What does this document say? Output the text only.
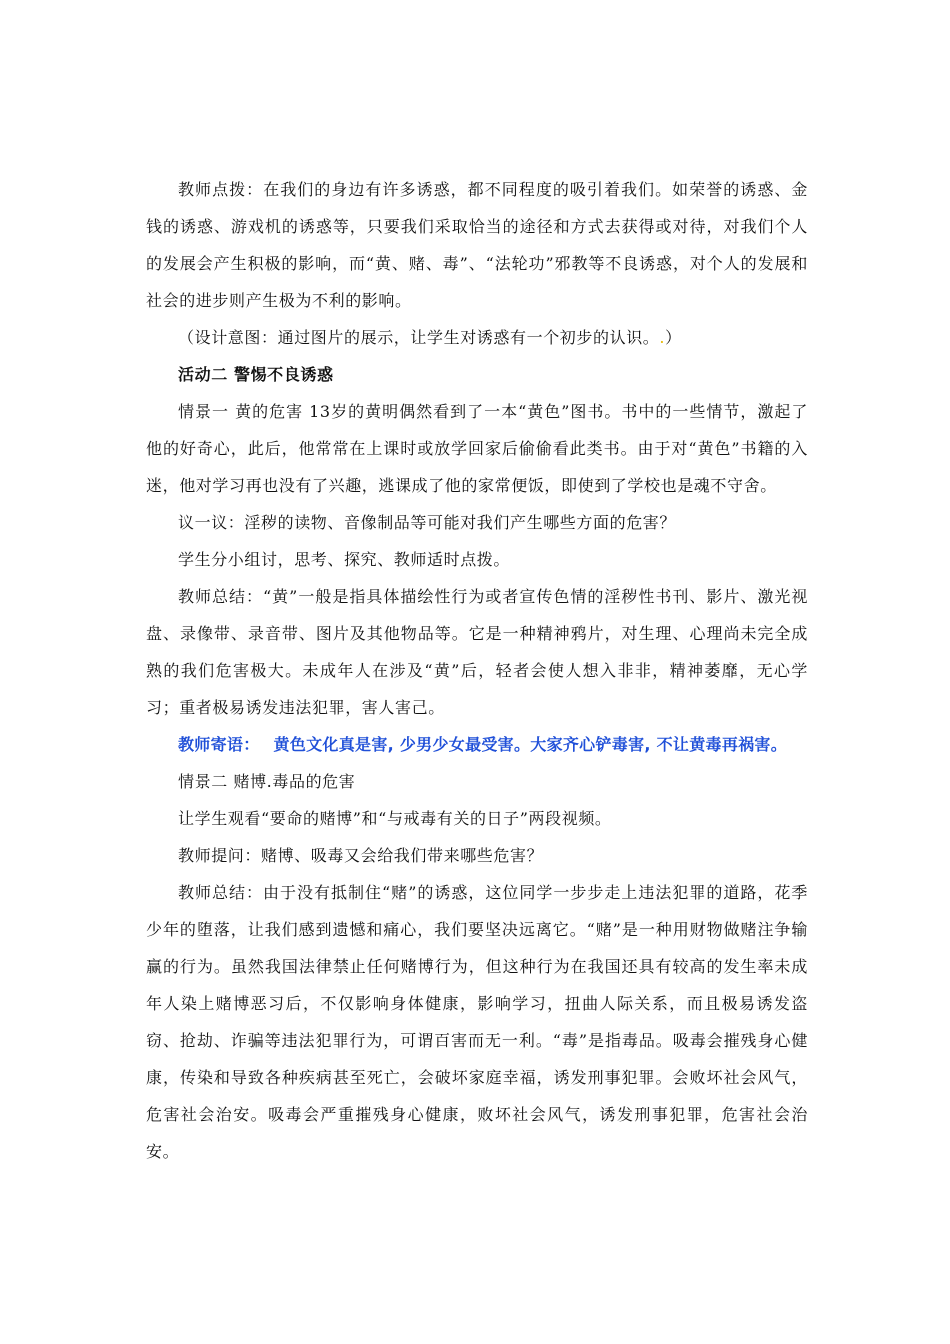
教师点拨：在我们的身边有许多诱惑，都不同程度的吸引着我们。如荣誉的诱惑、金钱的诱惑、游戏机的诱惑等，只要我们采取恰当的途径和方式去获得或对待，对我们个人的发展会产生积极的影响，而“黄、赌、毒”、“法轮功”邪教等不良诱惑，对个人的发展和社会的进步则产生极为不利的影响。

（设计意图：通过图片的展示，让学生对诱惑有一个初步的认识。.）

活动二 警惕不良诱惑

情景一 黄的危害 13岁的黄明偶然看到了一本“黄色”图书。书中的一些情节，激起了他的好奇心，此后，他常常在上课时或放学回家后偷偷看此类书。由于对“黄色”书籍的入迷，他对学习再也没有了兴趣，逃课成了他的家常便饭，即使到了学校也是魂不守舍。

议一议：淫秽的读物、音像制品等可能对我们产生哪些方面的危害？

学生分小组讨，思考、探究、教师适时点拨。

教师总结：“黄”一般是指具体描绘性行为或者宣传色情的淫秽性书刊、影片、激光视盘、录像带、录音带、图片及其他物品等。它是一种精神鸦片，对生理、心理尚未完全成熟的我们危害极大。未成年人在涉及“黄”后，轻者会使人想入非非，精神萎靡，无心学习；重者极易诱发违法犯罪，害人害己。

教师寄语： 黄色文化真是害, 少男少女最受害。大家齐心铲毒害, 不让黄毒再祸害。

情景二 赌博.毒品的危害

让学生观看“要命的赌博”和“与戒毒有关的日子”两段视频。

教师提问：赌博、吸毒又会给我们带来哪些危害？

教师总结：由于没有抵制住“赌”的诱惑，这位同学一步步走上违法犯罪的道路，花季少年的堕落，让我们感到遗憾和痛心，我们要坚决远离它。“赌”是一种用财物做赌注争输赢的行为。虽然我国法律禁止任何赌博行为，但这种行为在我国还具有较高的发生率未成年人染上赌博恶习后，不仅影响身体健康，影响学习，扭曲人际关系，而且极易诱发盗窃、抢劫、诈骗等违法犯罪行为，可谓百害而无一利。“毒”是指毒品。吸毒会摧残身心健康，传染和导致各种疾病甚至死亡，会破坏家庭幸福，诱发刑事犯罪。会败坏社会风气，危害社会治安。吸毒会严重摧残身心健康，败坏社会风气，诱发刑事犯罪，危害社会治安。
